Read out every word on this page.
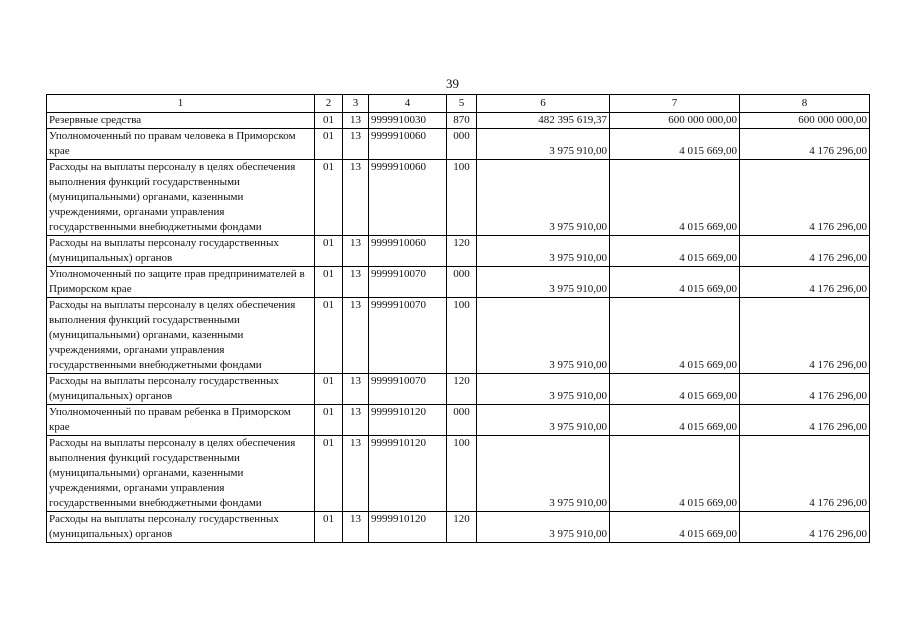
39
1	2	3	4	5	6	7	8
Резервные средства	01	13	9999910030	870	482 395 619,37	600 000 000,00	600 000 000,00
Уполномоченный по правам человека в Приморском крае	01	13	9999910060	000	3 975 910,00	4 015 669,00	4 176 296,00
Расходы на выплаты персоналу в целях обеспечения выполнения функций государственными (муниципальными) органами, казенными учреждениями, органами управления государственными внебюджетными фондами	01	13	9999910060	100	3 975 910,00	4 015 669,00	4 176 296,00
Расходы на выплаты персоналу государственных (муниципальных) органов	01	13	9999910060	120	3 975 910,00	4 015 669,00	4 176 296,00
Уполномоченный по защите прав предпринимателей в Приморском крае	01	13	9999910070	000	3 975 910,00	4 015 669,00	4 176 296,00
Расходы на выплаты персоналу в целях обеспечения выполнения функций государственными (муниципальными) органами, казенными учреждениями, органами управления государственными внебюджетными фондами	01	13	9999910070	100	3 975 910,00	4 015 669,00	4 176 296,00
Расходы на выплаты персоналу государственных (муниципальных) органов	01	13	9999910070	120	3 975 910,00	4 015 669,00	4 176 296,00
Уполномоченный по правам ребенка в Приморском крае	01	13	9999910120	000	3 975 910,00	4 015 669,00	4 176 296,00
Расходы на выплаты персоналу в целях обеспечения выполнения функций государственными (муниципальными) органами, казенными учреждениями, органами управления государственными внебюджетными фондами	01	13	9999910120	100	3 975 910,00	4 015 669,00	4 176 296,00
Расходы на выплаты персоналу государственных (муниципальных) органов	01	13	9999910120	120	3 975 910,00	4 015 669,00	4 176 296,00
